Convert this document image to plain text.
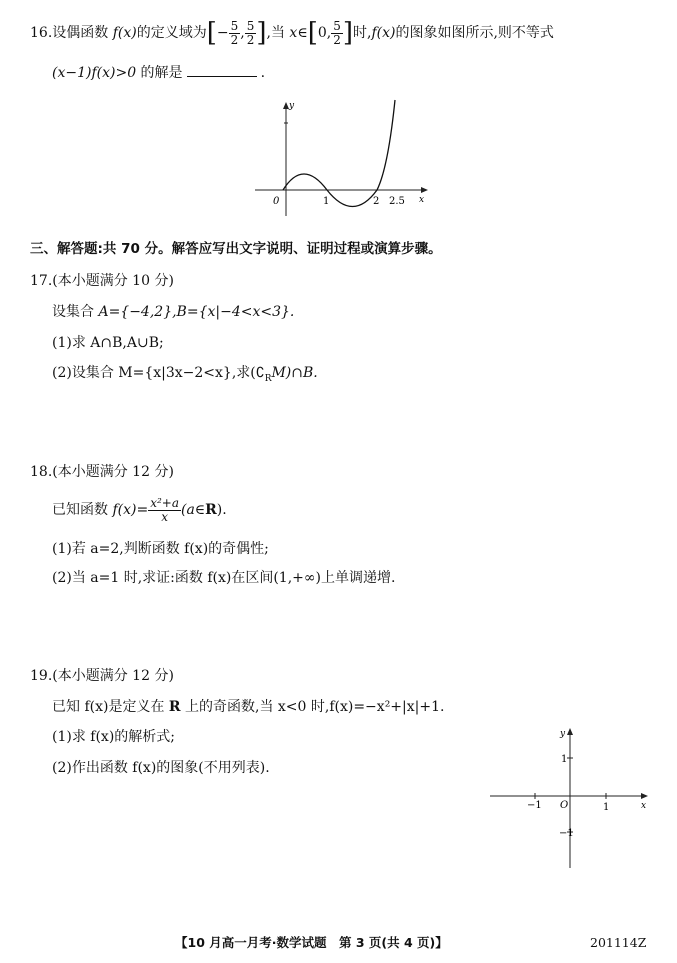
16.设偶函数 f(x)的定义域为[− $\frac{5}{2}$ , $\frac{5}{2}$ ],当 x∈[0, $\frac{5}{2}$ ]时,f(x)的图象如图所示,则不等式
(x−1)f(x)>0 的解是	.
y
x
0	1	2 2.5
三、解答题:共 70 分。解答应写出文字说明、证明过程或演算步骤。
17.(本小题满分 10 分)
设集合 A={−4,2},B={x|−4<x<3}.
(1)求 A∩B,A∪B;
(2)设集合 M={x|3x−2<x},求$(∁_RM)\cap B$.
18.(本小题满分 12 分)
已知函数 $f(x)= \frac{\text{x²+a}}{x}$ (a∈R).
(1)若 a=2,判断函数 f(x)的奇偶性;
(2)当 a=1 时,求证:函数 f(x)在区间(1,+∞)上单调递增.
19.(本小题满分 12 分)
已知 f(x)是定义在 R 上的奇函数,当 x<0 时,f(x)=−x²+|x|+1.
(1)求 f(x)的解析式;
(2)作出函数 f(x)的图象(不用列表).
y
x
−1 O	1
1
−1
【10 月高一月考·数学试题　第 3 页(共 4 页)】	201114Z
